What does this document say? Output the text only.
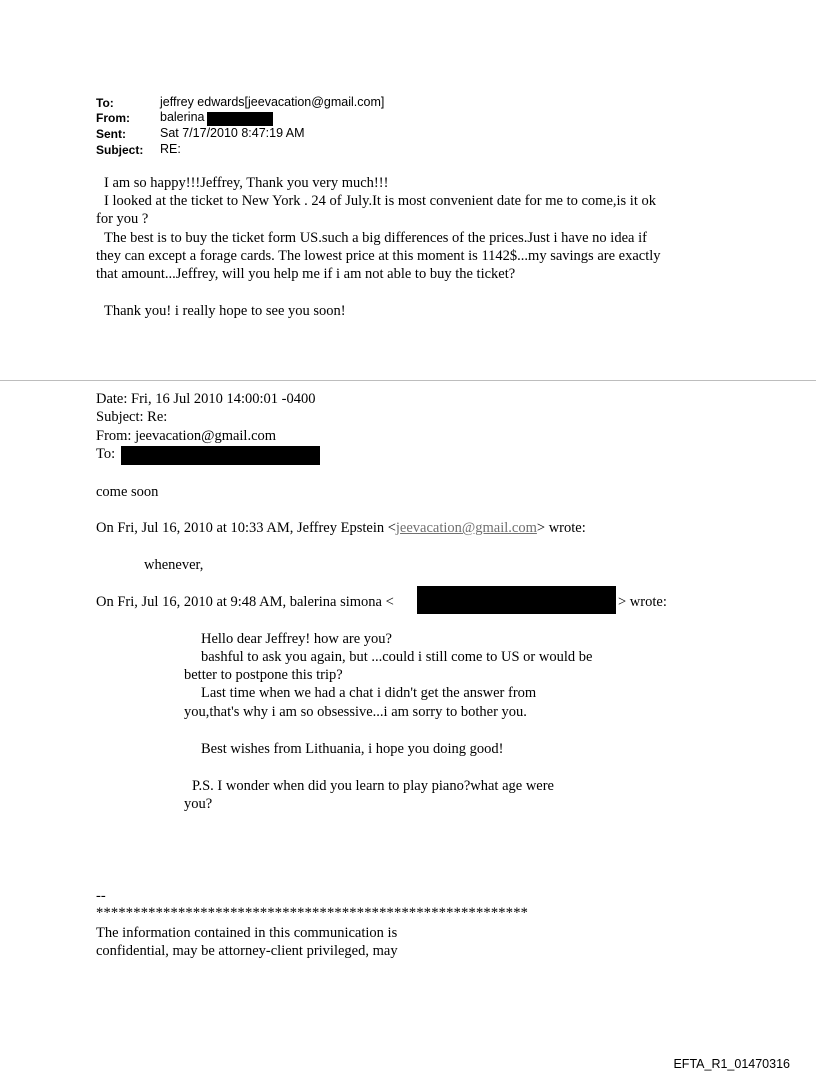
To:	jeffrey edwards[jeevacation@gmail.com]
From: balerina
Sent:	Sat 7/17/2010 8:47:19 AM
Subject: RE:
I am so happy!!!Jeffrey, Thank you very much!!!
I looked at the ticket to New York . 24 of July.It is most convenient date for me to come,is it ok
for you ?
The best is to buy the ticket form US.such a big differences of the prices.Just i have no idea if
they can except a forage cards. The lowest price at this moment is 1142$...my savings are exactly
that amount...Jeffrey, will you help me if i am not able to buy the ticket?
Thank you! i really hope to see you soon!
Date: Fri, 16 Jul 2010 14:00:01 -0400
Subject: Re:
From: jeevacation@gmail.com
To:
come soon
On Fri, Jul 16, 2010 at 10:33 AM, Jeffrey Epstein <jeevacation@gmail.com> wrote:
whenever,
On Fri, Jul 16, 2010 at 9:48 AM, balerina simona <	> wrote:
Hello dear Jeffrey! how are you?
bashful to ask you again, but ...could i still come to US or would be
better to postpone this trip?
Last time when we had a chat i didn't get the answer from
you,that's why i am so obsessive...i am sorry to bother you.
Best wishes from Lithuania, i hope you doing good!
P.S. I wonder when did you learn to play piano?what age were
you?
--
**********************************************************
The information contained in this communication is
confidential, may be attorney-client privileged, may
EFTA_R1_01470316
